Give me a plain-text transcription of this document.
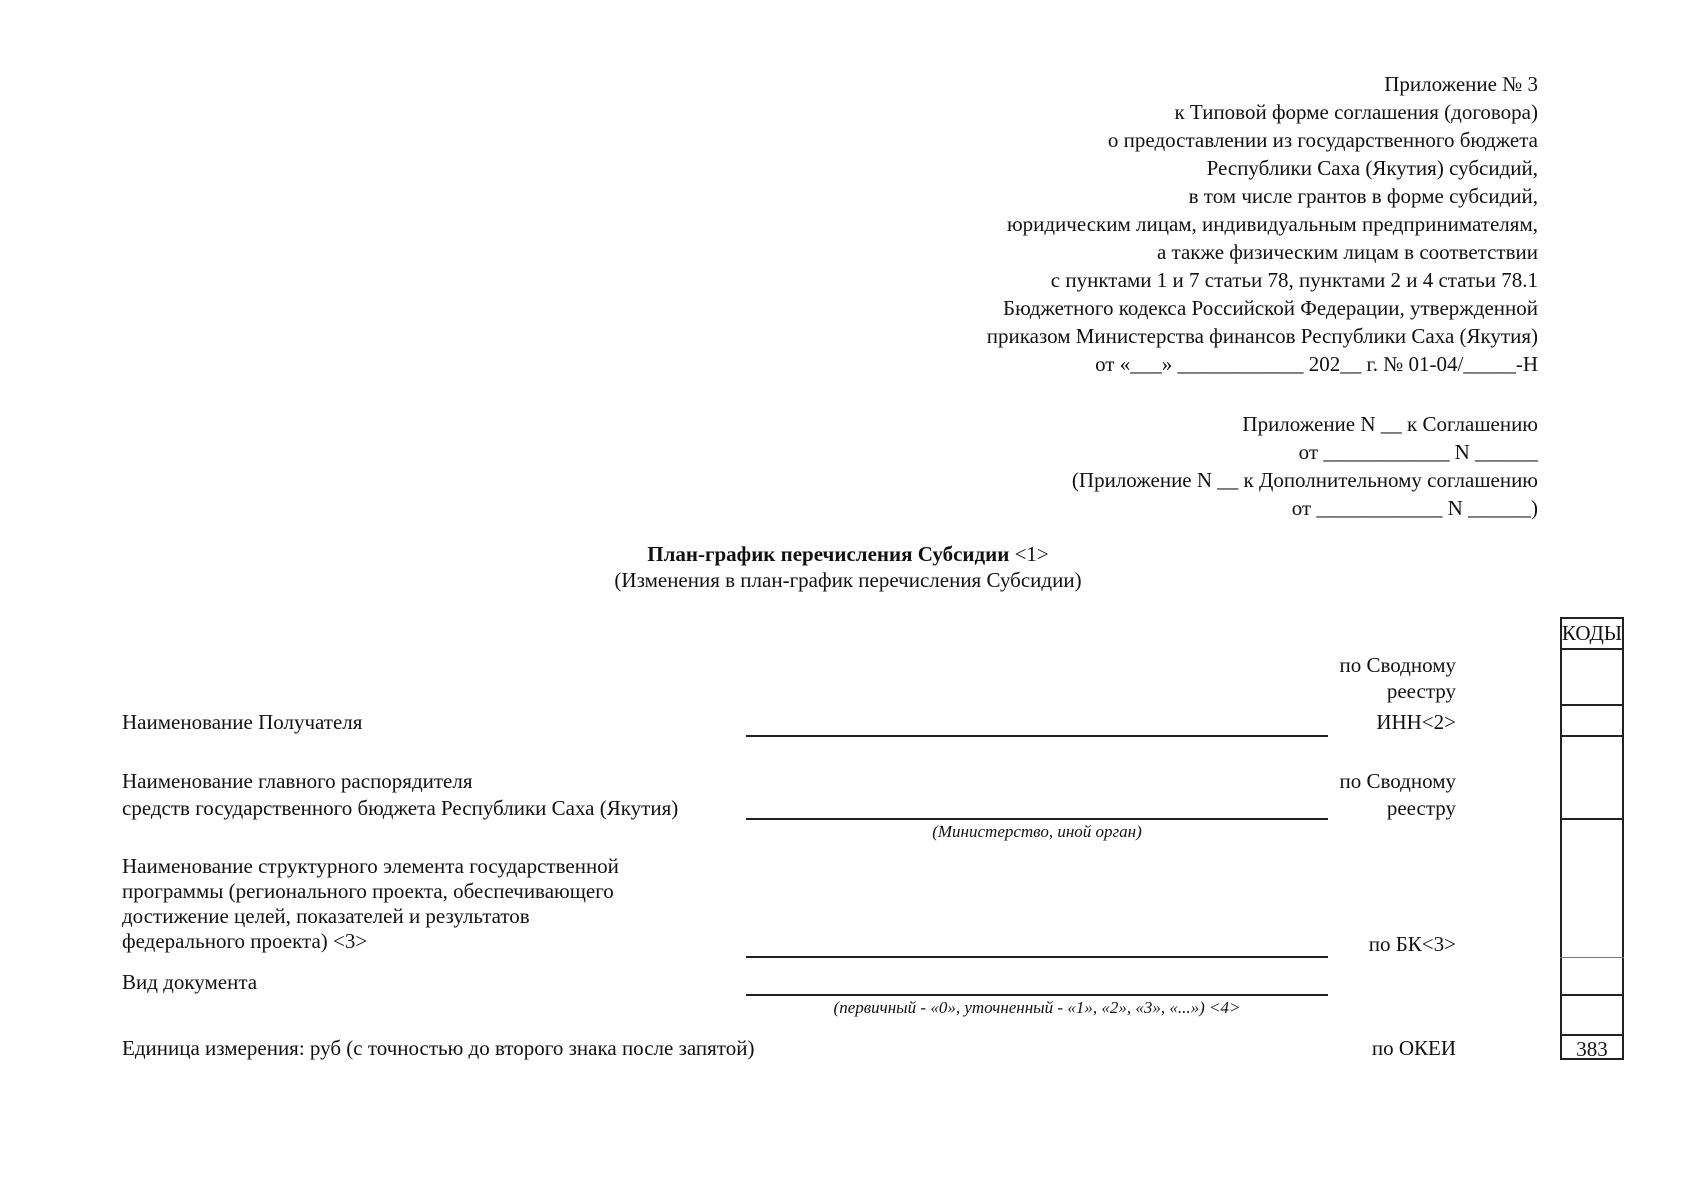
Приложение № 3
к Типовой форме соглашения (договора)
о предоставлении из государственного бюджета
Республики Саха (Якутия) субсидий,
в том числе грантов в форме субсидий,
юридическим лицам, индивидуальным предпринимателям,
а также физическим лицам в соответствии
с пунктами 1 и 7 статьи 78, пунктами 2 и 4 статьи 78.1
Бюджетного кодекса Российской Федерации, утвержденной
приказом Министерства финансов Республики Саха (Якутия)
от «___» ____________ 202__ г. № 01-04/_____-Н
Приложение N __ к Соглашению
от ____________ N ______
(Приложение N __ к Дополнительному соглашению
от ____________ N ______)
План-график перечисления Субсидии <1>
(Изменения в план-график перечисления Субсидии)
Наименование Получателя
Наименование главного распорядителя
средств государственного бюджета Республики Саха (Якутия)
(Министерство, иной орган)
Наименование структурного элемента государственной
программы (регионального проекта, обеспечивающего
достижение целей, показателей и результатов
федерального проекта) <3>
Вид документа
(первичный - «0», уточненный - «1», «2», «3», «...») <4>
Единица измерения: руб (с точностью до второго знака после запятой)
по Сводному
реестру
ИНН<2>
по Сводному
реестру
по БК<3>
по ОКЕИ
КОДЫ
383
